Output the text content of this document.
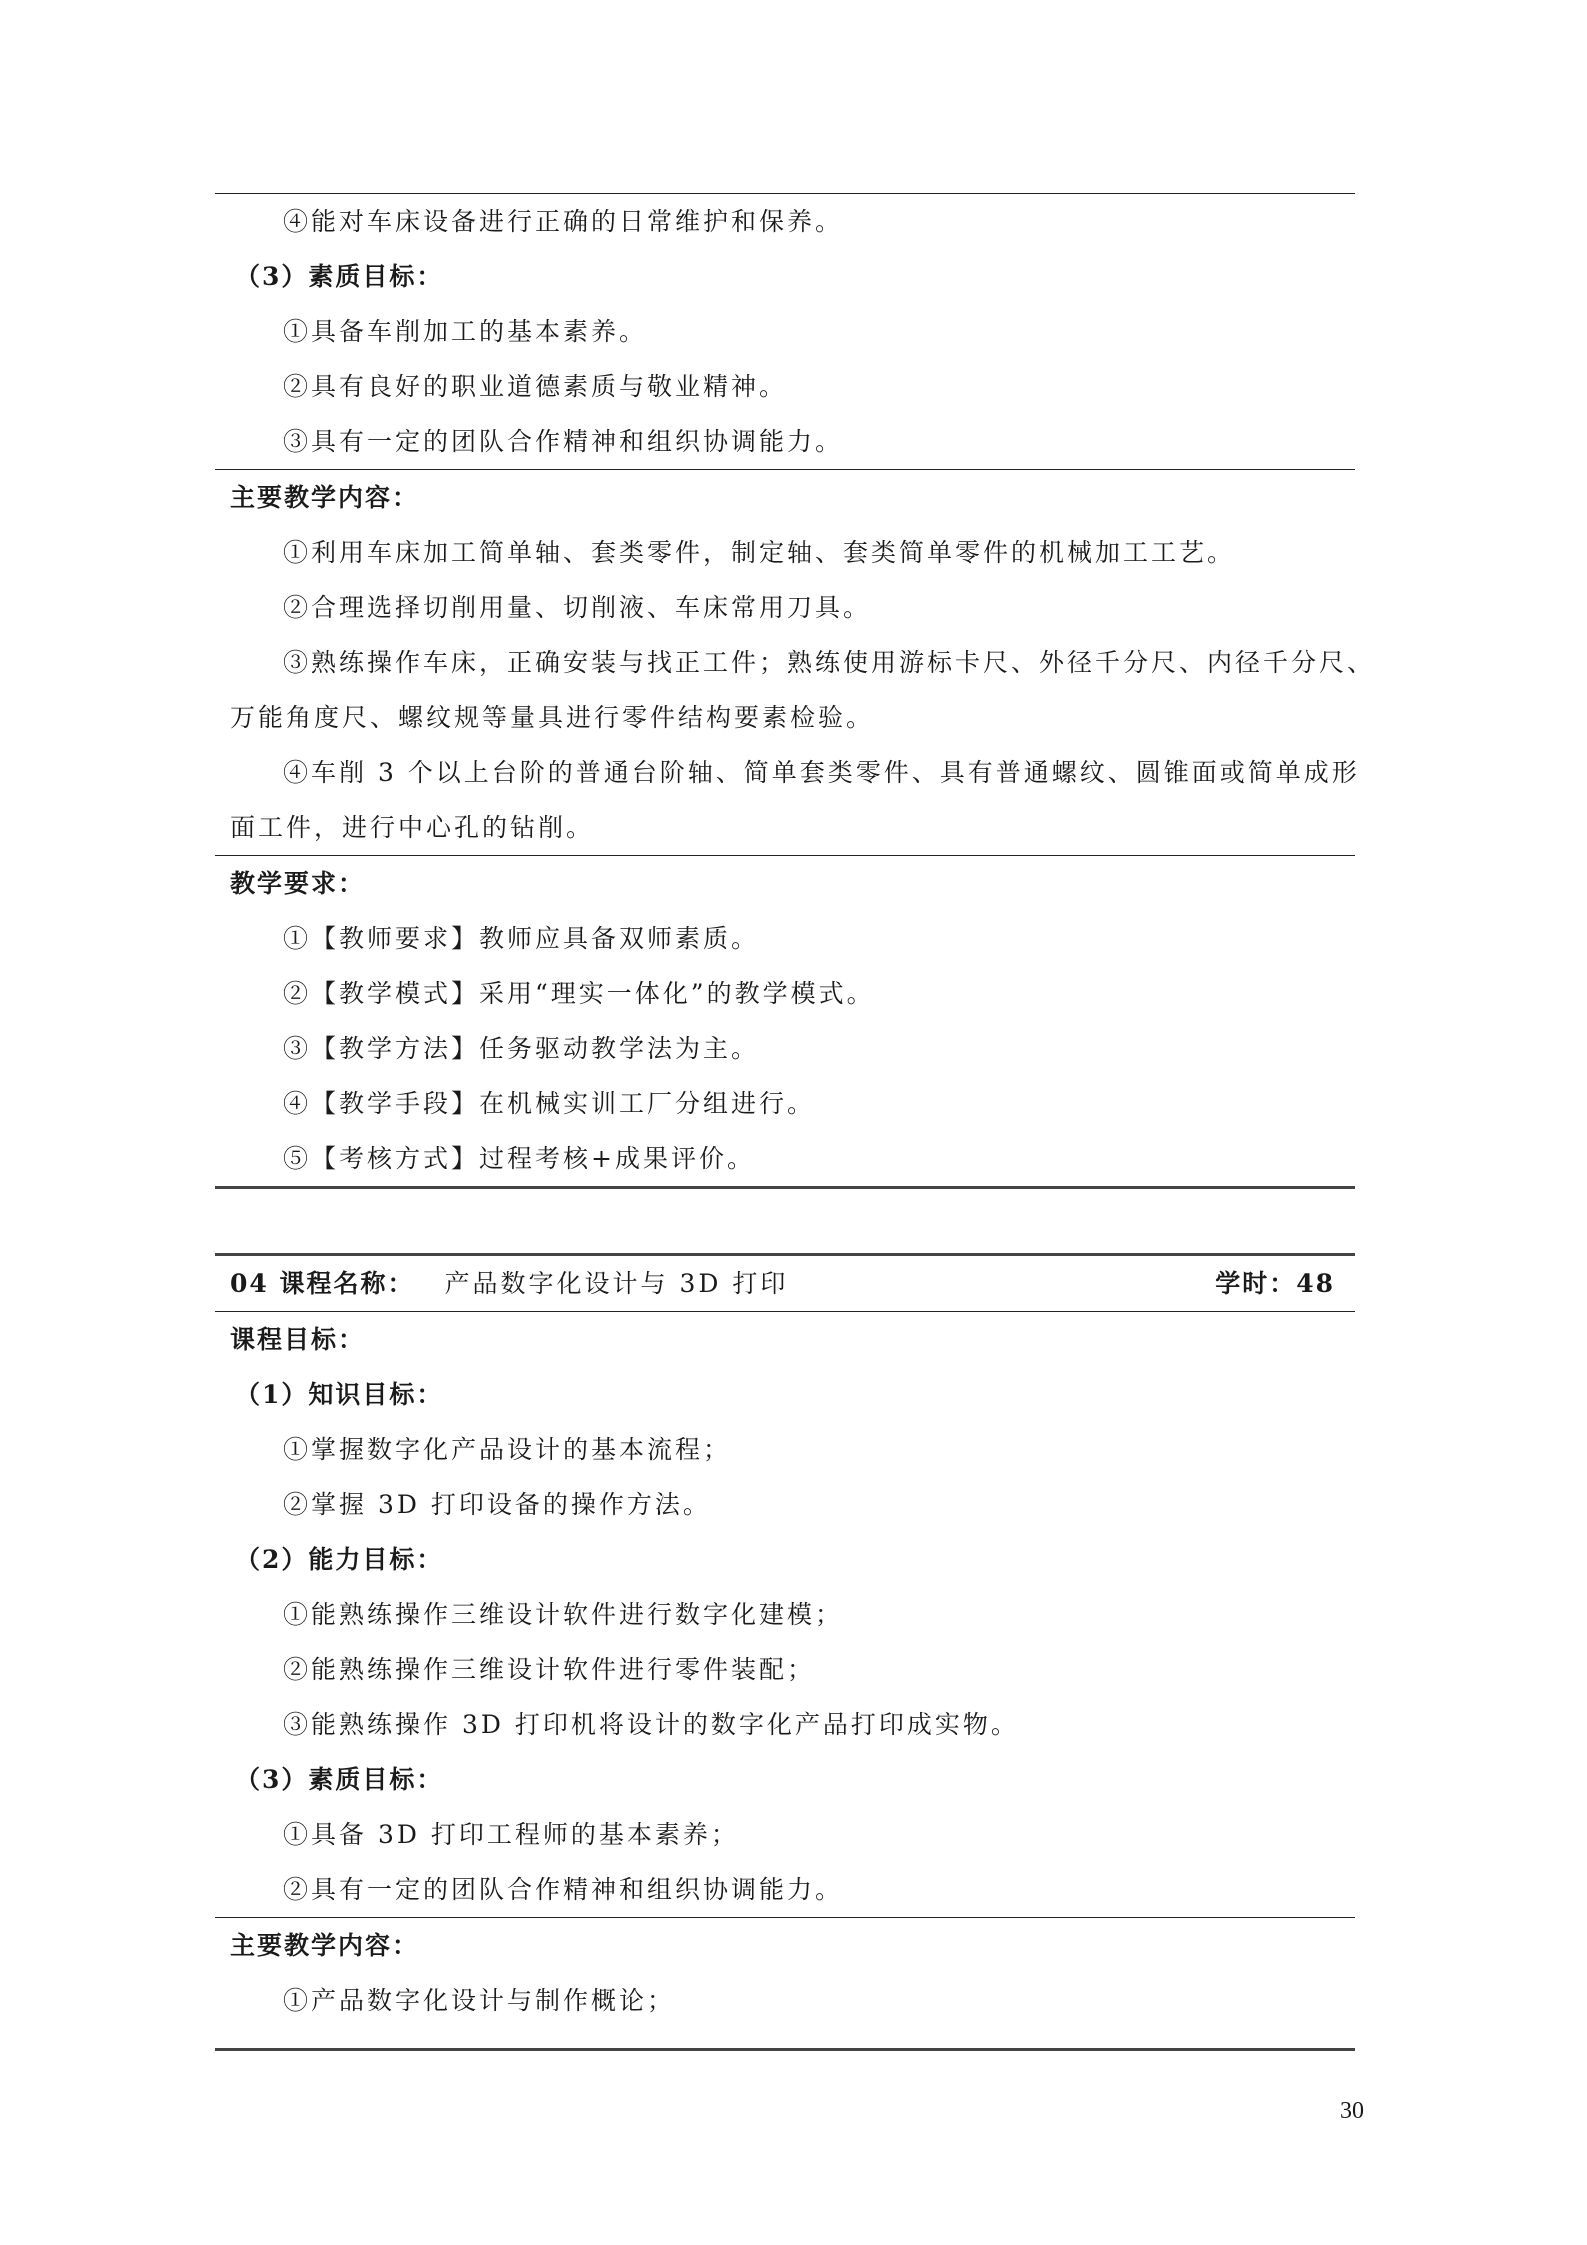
④能对车床设备进行正确的日常维护和保养。
（3）素质目标：
①具备车削加工的基本素养。
②具有良好的职业道德素质与敬业精神。
③具有一定的团队合作精神和组织协调能力。
主要教学内容：
①利用车床加工简单轴、套类零件，制定轴、套类简单零件的机械加工工艺。
②合理选择切削用量、切削液、车床常用刀具。
③熟练操作车床，正确安装与找正工件；熟练使用游标卡尺、外径千分尺、内径千分尺、
万能角度尺、螺纹规等量具进行零件结构要素检验。
④车削 3 个以上台阶的普通台阶轴、简单套类零件、具有普通螺纹、圆锥面或简单成形
面工件，进行中心孔的钻削。
教学要求：
①【教师要求】教师应具备双师素质。
②【教学模式】采用“理实一体化”的教学模式。
③【教学方法】任务驱动教学法为主。
④【教学手段】在机械实训工厂分组进行。
⑤【考核方式】过程考核+成果评价。
04 课程名称： 产品数字化设计与 3D 打印	学时：48
课程目标：
（1）知识目标：
①掌握数字化产品设计的基本流程；
②掌握 3D 打印设备的操作方法。
（2）能力目标：
①能熟练操作三维设计软件进行数字化建模；
②能熟练操作三维设计软件进行零件装配；
③能熟练操作 3D 打印机将设计的数字化产品打印成实物。
（3）素质目标：
①具备 3D 打印工程师的基本素养；
②具有一定的团队合作精神和组织协调能力。
主要教学内容：
①产品数字化设计与制作概论；
30
